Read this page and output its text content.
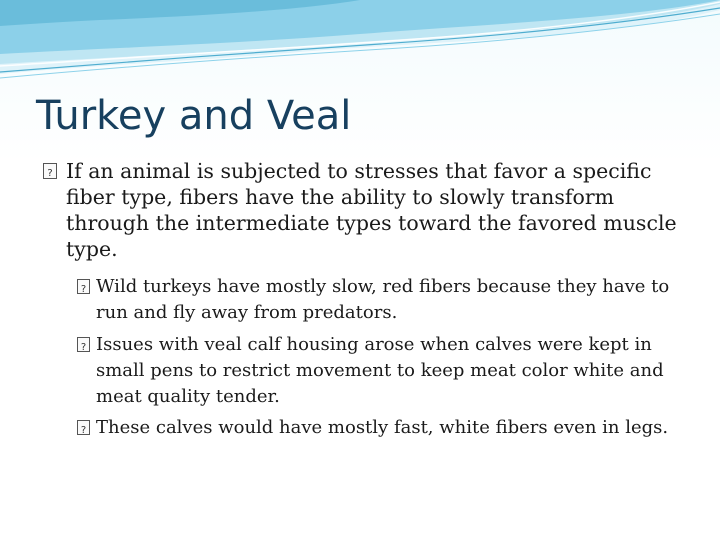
Turkey and Veal

?
If an animal is subjected to stresses that favor a specific fiber type, fibers have the ability to slowly transform through the intermediate types toward the favored muscle type.

?
Wild turkeys have mostly slow, red fibers because they have to run and fly away from predators.

?
Issues with veal calf housing arose when calves were kept in small pens to restrict movement to keep meat color white and meat quality tender.

?
These calves would have mostly fast, white fibers even in legs.
